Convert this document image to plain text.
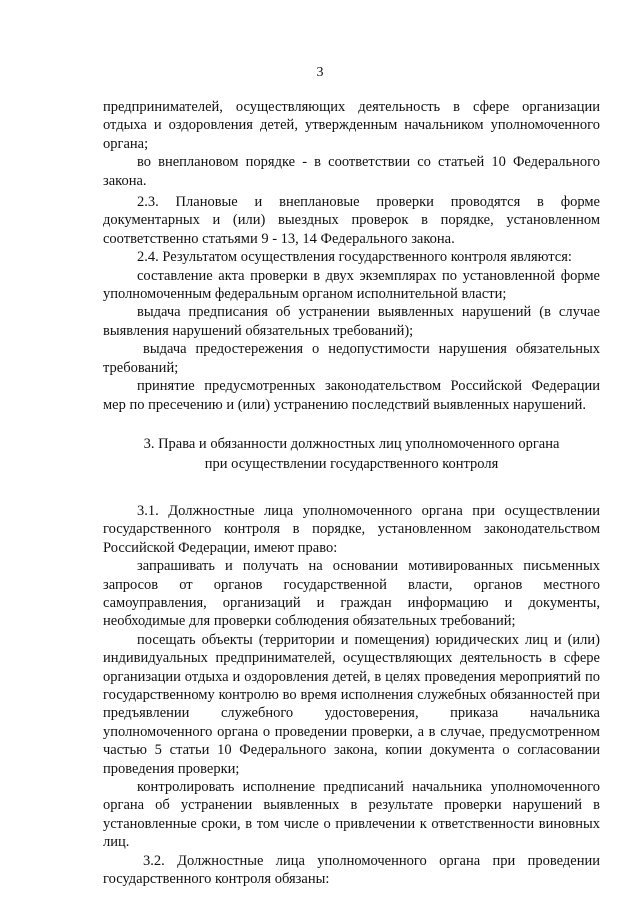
3

предпринимателей, осуществляющих деятельность в сфере организации отдыха и оздоровления детей, утвержденным начальником уполномоченного органа;

во внеплановом порядке - в соответствии со статьей 10 Федерального закона.

2.3. Плановые и внеплановые проверки проводятся в форме документарных и (или) выездных проверок в порядке, установленном соответственно статьями 9 - 13, 14 Федерального закона.

2.4. Результатом осуществления государственного контроля являются:

составление акта проверки в двух экземплярах по установленной форме уполномоченным федеральным органом исполнительной власти;

выдача предписания об устранении выявленных нарушений (в случае выявления нарушений обязательных требований);

выдача предостережения о недопустимости нарушения обязательных требований;

принятие предусмотренных законодательством Российской Федерации мер по пресечению и (или) устранению последствий выявленных нарушений.

3. Права и обязанности должностных лиц уполномоченного органа
при осуществлении государственного контроля

3.1. Должностные лица уполномоченного органа при осуществлении государственного контроля в порядке, установленном законодательством Российской Федерации, имеют право:

запрашивать и получать на основании мотивированных письменных запросов от органов государственной власти, органов местного самоуправления, организаций и граждан информацию и документы, необходимые для проверки соблюдения обязательных требований;

посещать объекты (территории и помещения) юридических лиц и (или) индивидуальных предпринимателей, осуществляющих деятельность в сфере организации отдыха и оздоровления детей, в целях проведения мероприятий по государственному контролю во время исполнения служебных обязанностей при предъявлении служебного удостоверения, приказа начальника уполномоченного органа о проведении проверки, а в случае, предусмотренном частью 5 статьи 10 Федерального закона, копии документа о согласовании проведения проверки;

контролировать исполнение предписаний начальника уполномоченного органа об устранении выявленных в результате проверки нарушений в установленные сроки, в том числе о привлечении к ответственности виновных лиц.

3.2. Должностные лица уполномоченного органа при проведении государственного контроля обязаны:
